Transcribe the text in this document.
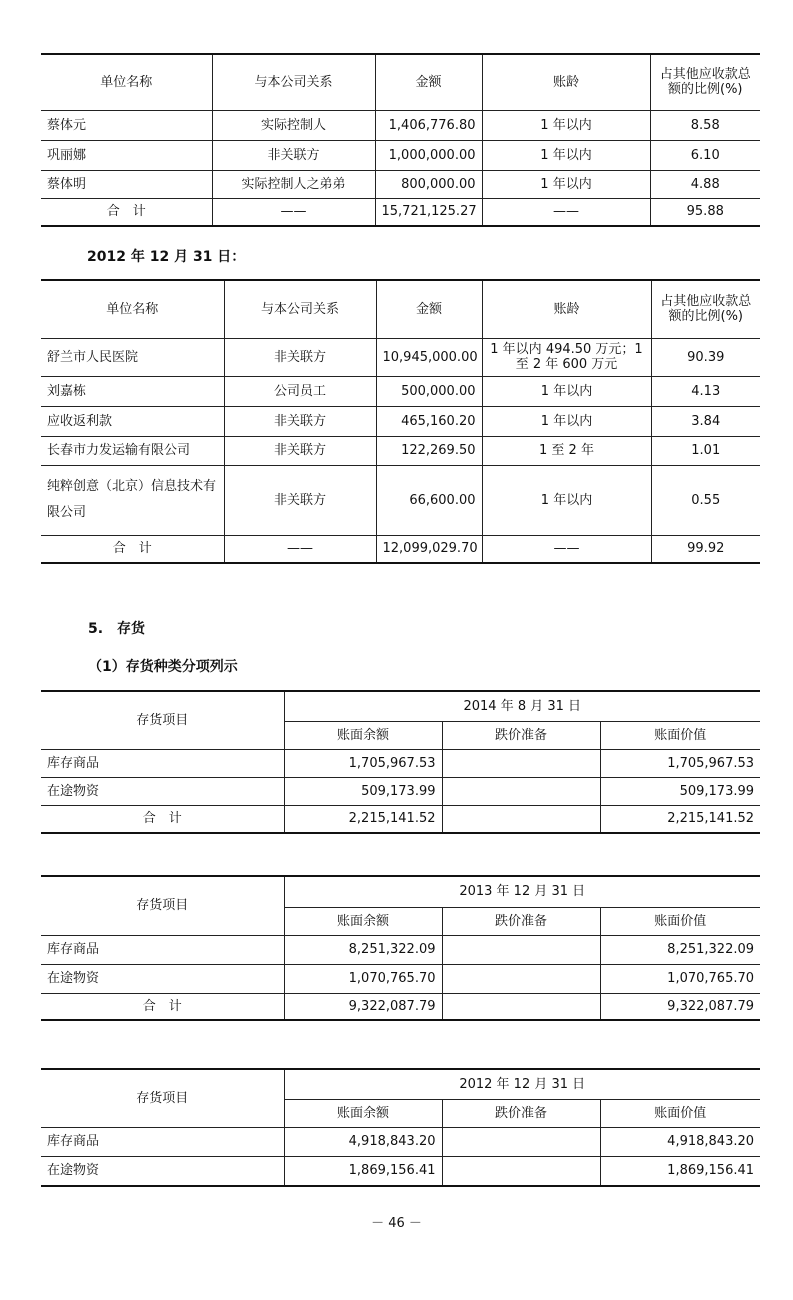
单位名称	与本公司关系	金额	账龄	占其他应收款总额的比例(%)
蔡体元	实际控制人	1,406,776.80	1 年以内	8.58
巩丽娜	非关联方	1,000,000.00	1 年以内	6.10
蔡体明	实际控制人之弟弟	800,000.00	1 年以内	4.88
合　计	——	15,721,125.27	——	95.88
2012 年 12 月 31 日：
单位名称	与本公司关系	金额	账龄	占其他应收款总额的比例(%)
舒兰市人民医院	非关联方	10,945,000.00	1 年以内 494.50 万元；1 至 2 年 600 万元	90.39
刘嘉栋	公司员工	500,000.00	1 年以内	4.13
应收返利款	非关联方	465,160.20	1 年以内	3.84
长春市力发运输有限公司	非关联方	122,269.50	1 至 2 年	1.01
纯粹创意（北京）信息技术有限公司	非关联方	66,600.00	1 年以内	0.55
合　计	——	12,099,029.70	——	99.92
5.　存货
（1）存货种类分项列示
存货项目	2014 年 8 月 31 日		
	账面余额	跌价准备	账面价值
库存商品	1,705,967.53		1,705,967.53
在途物资	509,173.99		509,173.99
合　计	2,215,141.52		2,215,141.52
存货项目	2013 年 12 月 31 日		
	账面余额	跌价准备	账面价值
库存商品	8,251,322.09		8,251,322.09
在途物资	1,070,765.70		1,070,765.70
合　计	9,322,087.79		9,322,087.79
存货项目	2012 年 12 月 31 日		
	账面余额	跌价准备	账面价值
库存商品	4,918,843.20		4,918,843.20
在途物资	1,869,156.41		1,869,156.41
－ 46 －
